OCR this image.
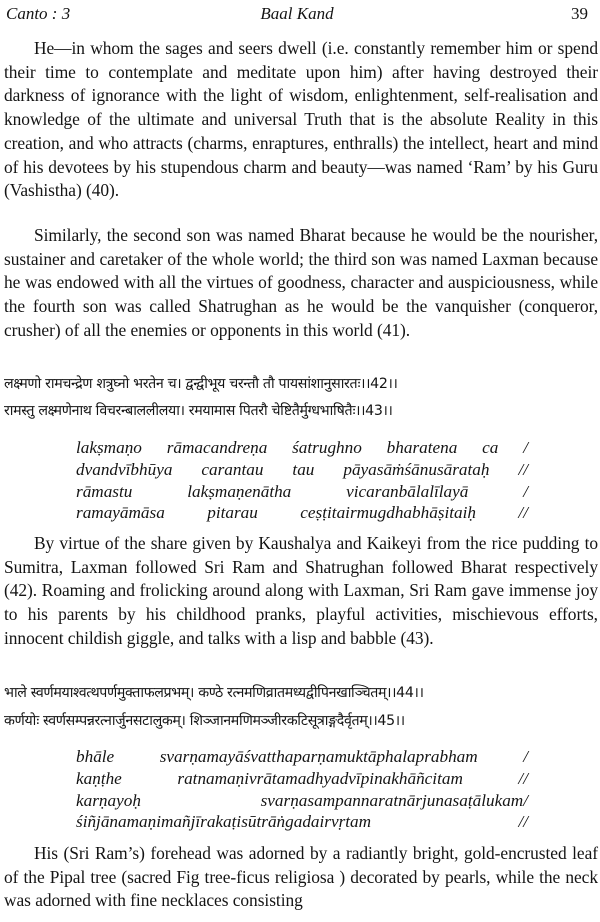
Canto : 3	Baal Kand	39

He—in whom the sages and seers dwell (i.e. constantly remember him or spend their time to contemplate and meditate upon him) after having destroyed their darkness of ignorance with the light of wisdom, enlightenment, self-realisation and knowledge of the ultimate and universal Truth that is the absolute Reality in this creation, and who attracts (charms, enraptures, enthralls) the intellect, heart and mind of his devotees by his stupendous charm and beauty—was named ‘Ram’ by his Guru (Vashistha) (40).

Similarly, the second son was named Bharat because he would be the nourisher, sustainer and caretaker of the whole world; the third son was named Laxman because he was endowed with all the virtues of goodness, character and auspiciousness, while the fourth son was called Shatrughan as he would be the vanquisher (conqueror, crusher) of all the enemies or opponents in this world (41).

लक्ष्मणो रामचन्द्रेण शत्रुघ्नो भरतेन च। द्वन्द्वीभूय चरन्तौ तौ पायसांशानुसारतः।।42।।
रामस्तु लक्ष्मणेनाथ विचरन्बाललीलया। रमयामास पितरौ चेष्टितैर्मुग्धभाषितैः।।43।।
lakṣmaṇo rāmacandreṇa śatrughno bharatena ca /
dvandvībhūya carantau tau pāyasāṁśānusārataḥ //
rāmastu lakṣmaṇenātha vicaranbālalīlayā /
ramayāmāsa pitarau ceṣṭitairmugdhabhāṣitaiḥ //

By virtue of the share given by Kaushalya and Kaikeyi from the rice pudding to Sumitra, Laxman followed Sri Ram and Shatrughan followed Bharat respectively (42). Roaming and frolicking around along with Laxman, Sri Ram gave immense joy to his parents by his childhood pranks, playful activities, mischievous efforts, innocent childish giggle, and talks with a lisp and babble (43).

भाले स्वर्णमयाश्वत्थपर्णमुक्ताफलप्रभम्। कण्ठे रत्नमणिव्रातमध्यद्वीपिनखाञ्चितम्।।44।।
कर्णयोः स्वर्णसम्पन्नरत्नार्जुनसटालुकम्। शिञ्जानमणिमञ्जीरकटिसूत्राङ्गदैर्वृतम्।।45।।
bhāle svarṇamayāśvatthaparṇamuktāphalaprabham /
kaṇṭhe ratnamaṇivrātamadhyadvīpinakhāñcitam //
karṇayoḥ svarṇasampannaratnārjunasaṭālukam/
śiñjānamaṇimañjīrakaṭisūtrāṅgadairvṛtam //

His (Sri Ram’s) forehead was adorned by a radiantly bright, gold-encrusted leaf of the Pipal tree (sacred Fig tree-ficus religiosa ) decorated by pearls, while the neck was adorned with fine necklaces consisting
